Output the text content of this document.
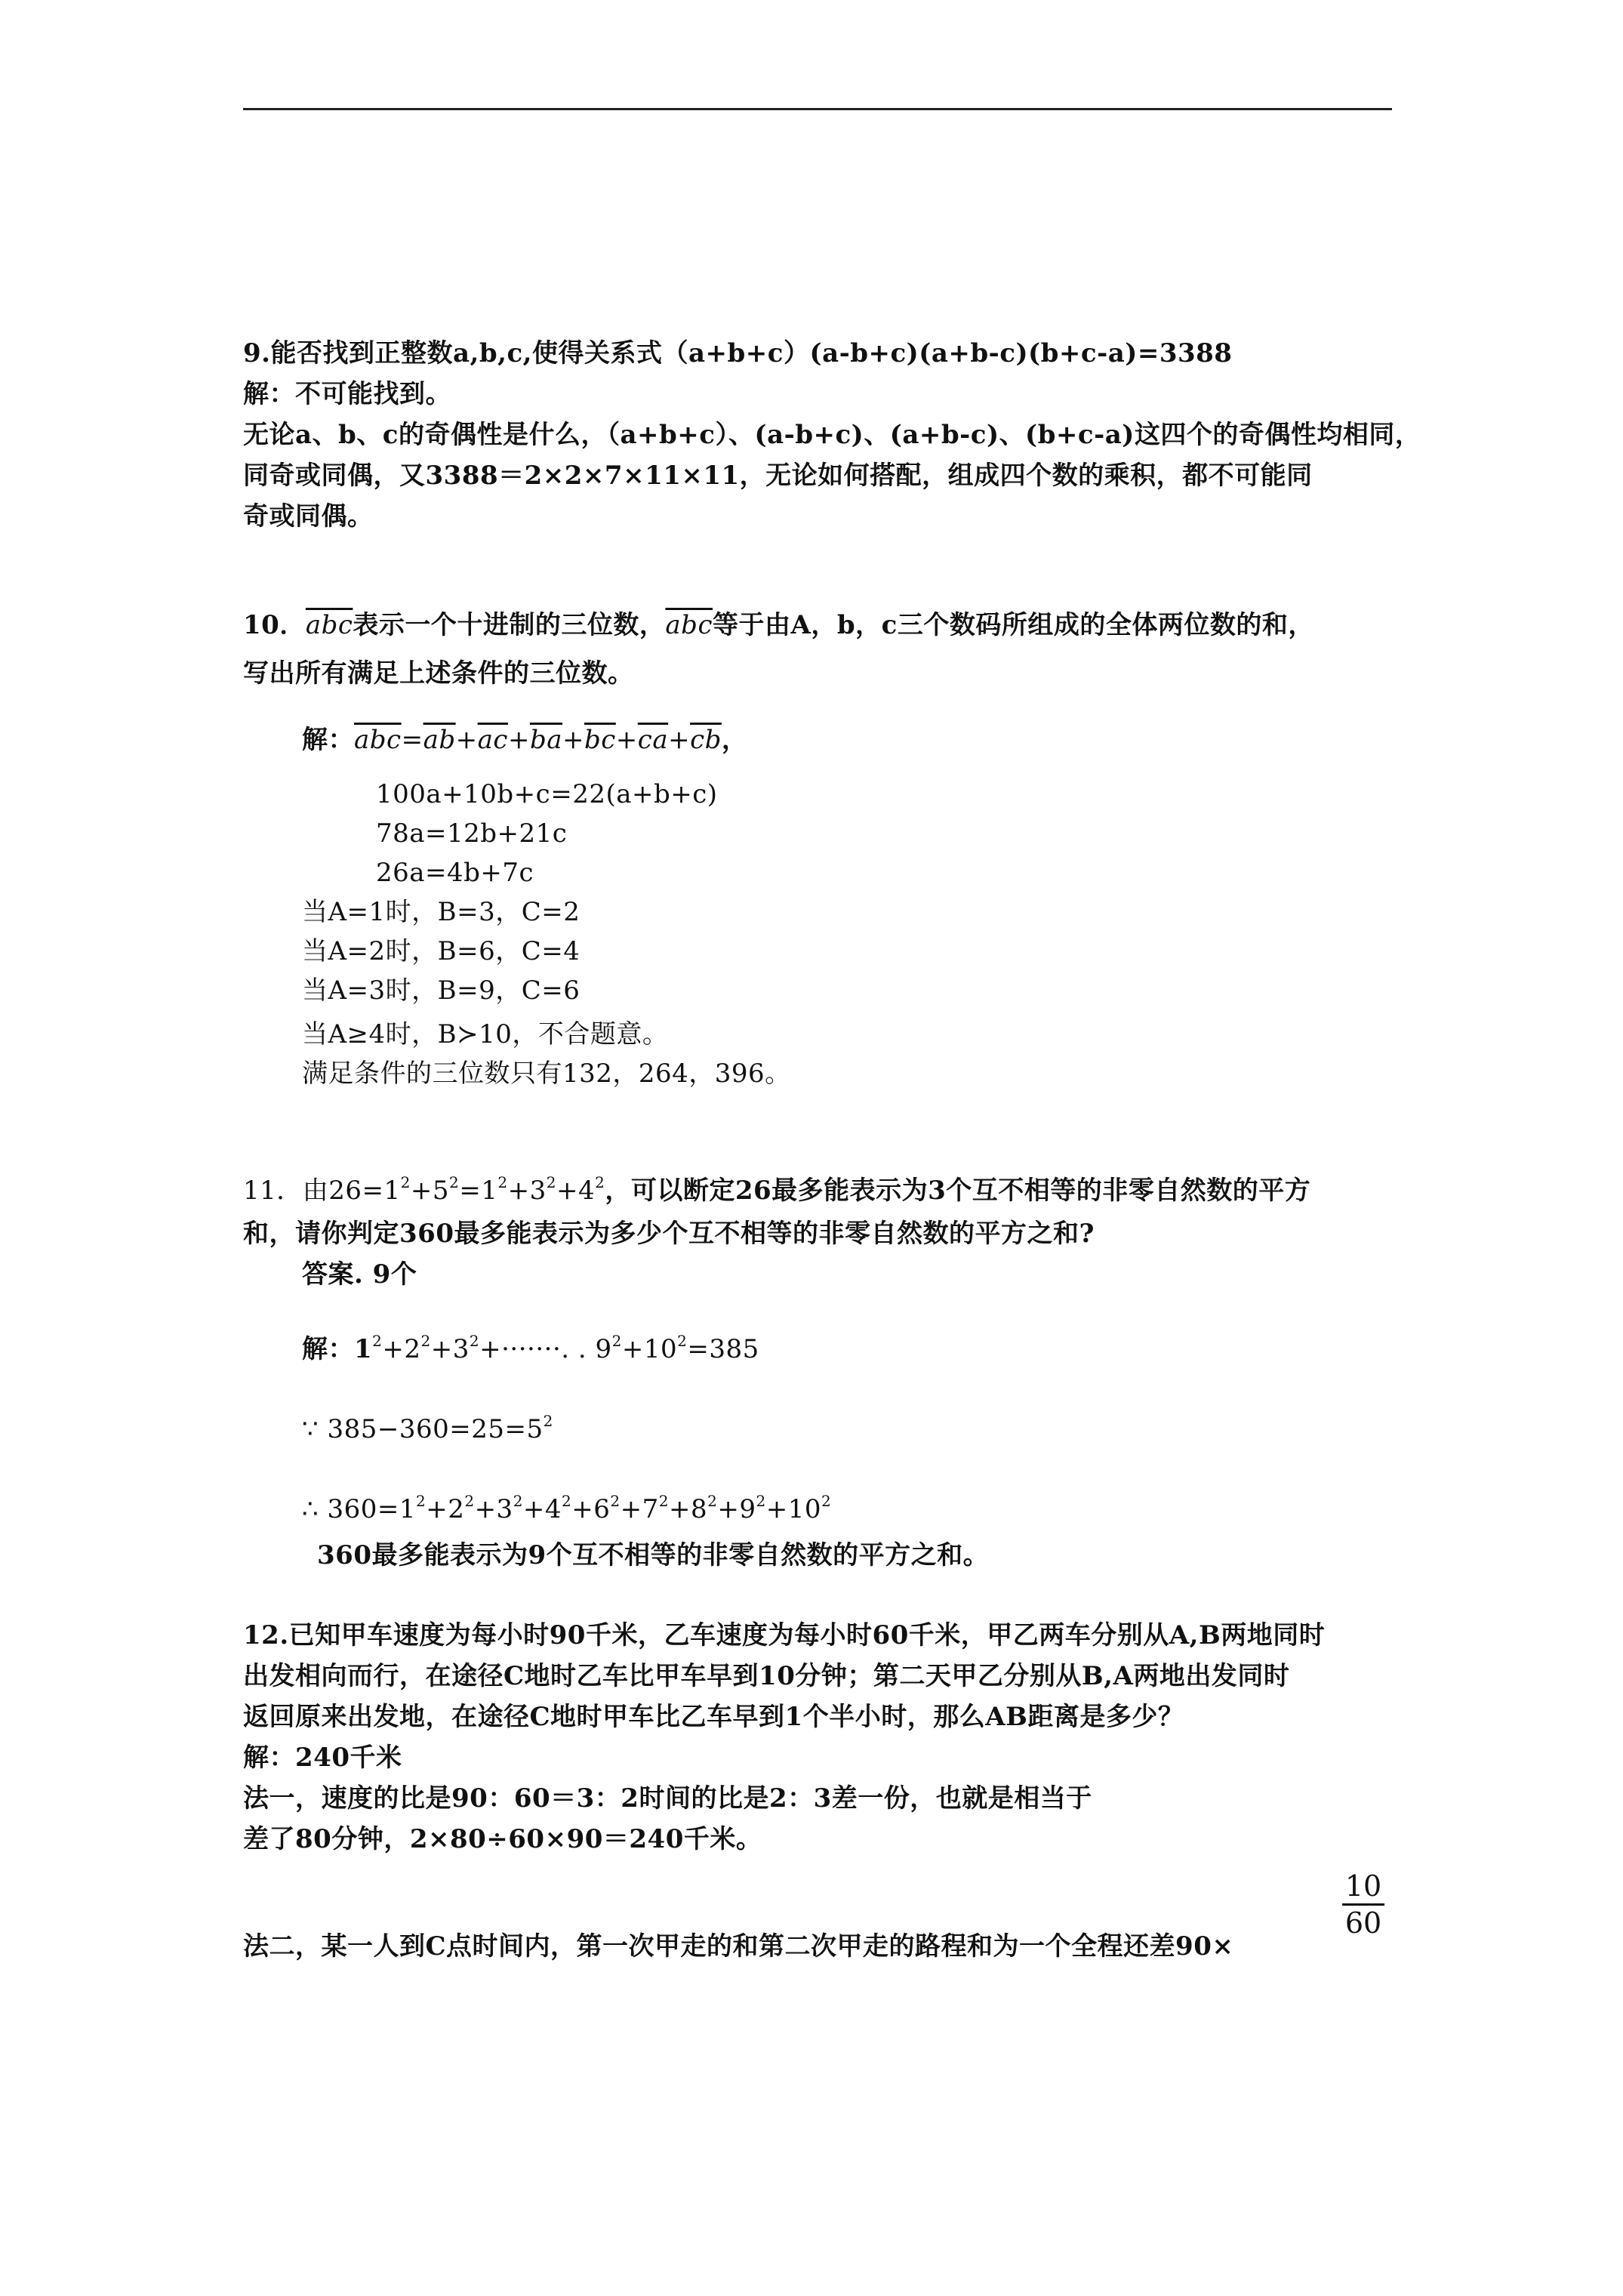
9.能否找到正整数a,b,c,使得关系式（a+b+c）(a-b+c)(a+b-c)(b+c-a)=3388
解：不可能找到。
无论a、b、c的奇偶性是什么，（a+b+c）、(a-b+c)、(a+b-c)、(b+c-a)这四个的奇偶性均相同，
同奇或同偶，又3388＝2×2×7×11×11，无论如何搭配，组成四个数的乘积，都不可能同
奇或同偶。
10．$\overline{abc}$表示一个十进制的三位数，$\overline{abc}$等于由A，b，c三个数码所组成的全体两位数的和，
写出所有满足上述条件的三位数。
解：$\overline{abc}=\overline{ab}+\overline{ac}+\overline{ba}+\overline{bc}+\overline{ca}+\overline{cb}$，
100a+10b+c=22(a+b+c)
78a=12b+21c
26a=4b+7c
当A=1时，B=3，C=2
当A=2时，B=6，C=4
当A=3时，B=9，C=6
当A≥4时，B≻10，不合题意。
满足条件的三位数只有132，264，396。
11．由$26=1^2+5^2=1^2+3^2+4^2$，可以断定26最多能表示为3个互不相等的非零自然数的平方
和，请你判定360最多能表示为多少个互不相等的非零自然数的平方之和?
答案. 9个
解：$1^2+2^2+3^2+\cdot\cdot\cdot\cdot\cdot\cdot\cdot$. . $9^2+10^2=385$
∵ $385-360=25=5^2$
∴ $360=1^2+2^2+3^2+4^2+6^2+7^2+8^2+9^2+10^2$
360最多能表示为9个互不相等的非零自然数的平方之和。
12.已知甲车速度为每小时90千米，乙车速度为每小时60千米，甲乙两车分别从A,B两地同时
出发相向而行，在途径C地时乙车比甲车早到10分钟；第二天甲乙分别从B,A两地出发同时
返回原来出发地，在途径C地时甲车比乙车早到1个半小时，那么AB距离是多少？
解：240千米
法一，速度的比是90：60＝3：2时间的比是2：3差一份，也就是相当于
差了80分钟，2×80÷60×90＝240千米。
法二，某一人到C点时间内，第一次甲走的和第二次甲走的路程和为一个全程还差90×
$\frac{10}{60}$
